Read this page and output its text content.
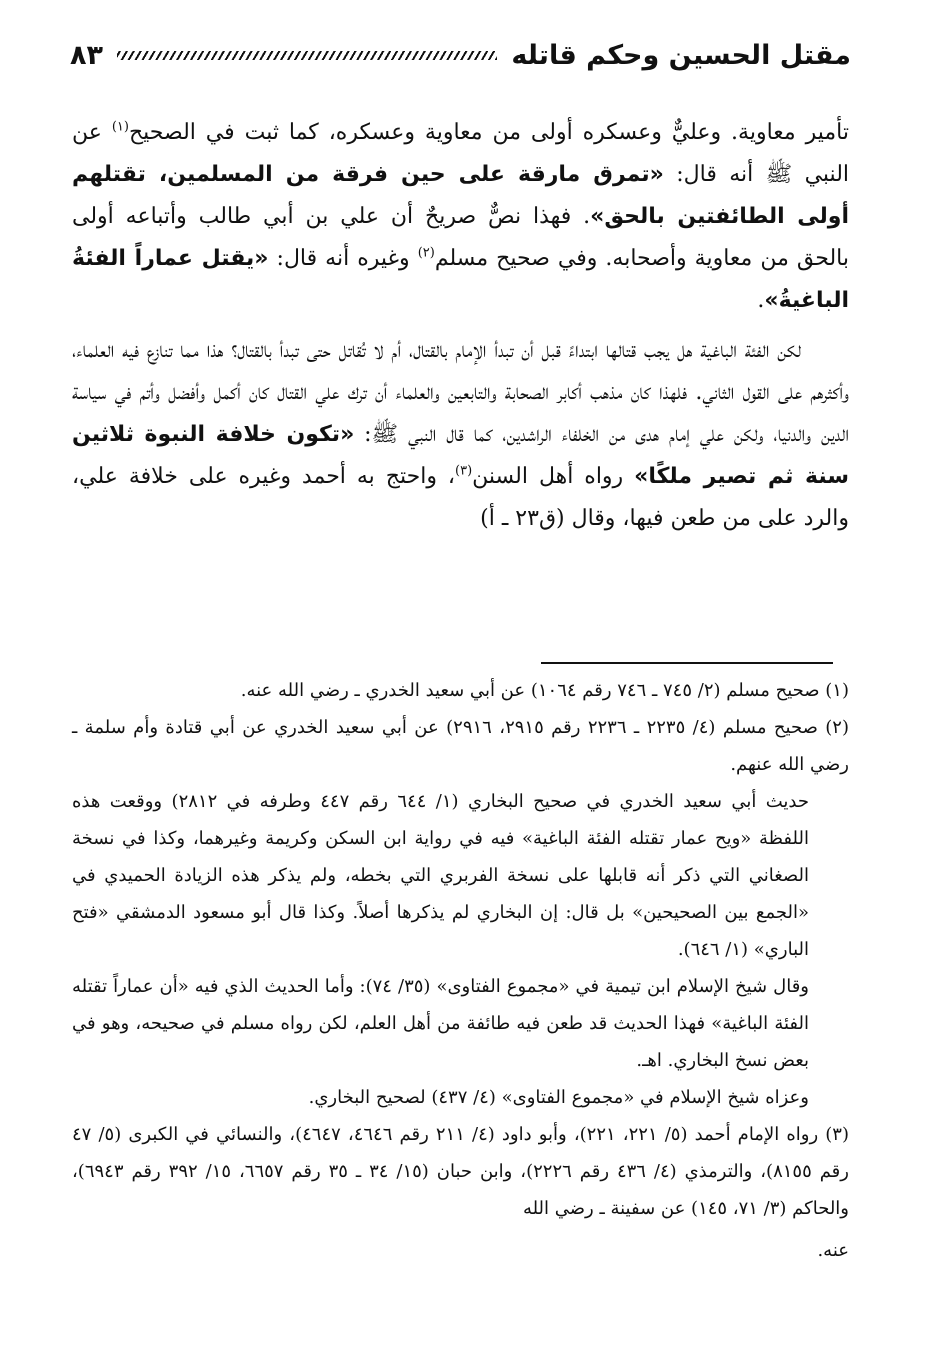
مقتل الحسين وحكم قاتله
٨٣

تأمير معاوية. وعليٌّ وعسكره أولى من معاوية وعسكره، كما ثبت في الصحيح$^{(١)}$ عن النبي ﷺ أنه قال: «تمرق مارقة على حين فرقة من المسلمين، تقتلهم أولى الطائفتين بالحق». فهذا نصٌّ صريحٌ أن علي بن أبي طالب وأتباعه أولى بالحق من معاوية وأصحابه. وفي صحيح مسلم$^{(٢)}$ وغيره أنه قال: «يقتل عماراً الفئةُ الباغيةُ».

لكن الفئة الباغية هل يجب قتالها ابتداءً قبل أن تبدأ الإمام بالقتال، أم لا تُقاتل حتى تبدأ بالقتال؟ هذا مما تنازع فيه العلماء، وأكثرهم على القول الثاني. فلهذا كان مذهب أكابر الصحابة والتابعين والعلماء أن ترك علي القتال كان أكمل وأفضل وأتم في سياسة الدين والدنيا، ولكن علي إمام هدى من الخلفاء الراشدين، كما قال النبي ﷺ: «تكون خلافة النبوة ثلاثين سنة ثم تصير ملكًا» رواه أهل السنن$^{(٣)}$، واحتج به أحمد وغيره على خلافة علي، والرد على من طعن فيها، وقال (ق٢٣ ـ أ)

(١) صحيح مسلم (٢/ ٧٤٥ ـ ٧٤٦ رقم ١٠٦٤) عن أبي سعيد الخدري ـ رضي الله عنه.

(٢) صحيح مسلم (٤/ ٢٢٣٥ ـ ٢٢٣٦ رقم ٢٩١٥، ٢٩١٦) عن أبي سعيد الخدري عن أبي قتادة وأم سلمة ـ رضي الله عنهم.

حديث أبي سعيد الخدري في صحيح البخاري (١/ ٦٤٤ رقم ٤٤٧ وطرفه في ٢٨١٢) ووقعت هذه اللفظة «ويح عمار تقتله الفئة الباغية» فيه في رواية ابن السكن وكريمة وغيرهما، وكذا في نسخة الصغاني التي ذكر أنه قابلها على نسخة الفربري التي بخطه، ولم يذكر هذه الزيادة الحميدي في «الجمع بين الصحيحين» بل قال: إن البخاري لم يذكرها أصلاً. وكذا قال أبو مسعود الدمشقي «فتح الباري» (١/ ٦٤٦).

وقال شيخ الإسلام ابن تيمية في «مجموع الفتاوى» (٣٥/ ٧٤): وأما الحديث الذي فيه «أن عماراً تقتله الفئة الباغية» فهذا الحديث قد طعن فيه طائفة من أهل العلم، لكن رواه مسلم في صحيحه، وهو في بعض نسخ البخاري. اهـ.

وعزاه شيخ الإسلام في «مجموع الفتاوى» (٤/ ٤٣٧) لصحيح البخاري.

(٣) رواه الإمام أحمد (٥/ ٢٢١، ٢٢١)، وأبو داود (٤/ ٢١١ رقم ٤٦٤٦، ٤٦٤٧)، والنسائي في الكبرى (٥/ ٤٧ رقم ٨١٥٥)، والترمذي (٤/ ٤٣٦ رقم ٢٢٢٦)، وابن حبان (١٥/ ٣٤ ـ ٣٥ رقم ٦٦٥٧، ١٥/ ٣٩٢ رقم ٦٩٤٣)، والحاكم (٣/ ٧١، ١٤٥) عن سفينة ـ رضي الله

عنه.
